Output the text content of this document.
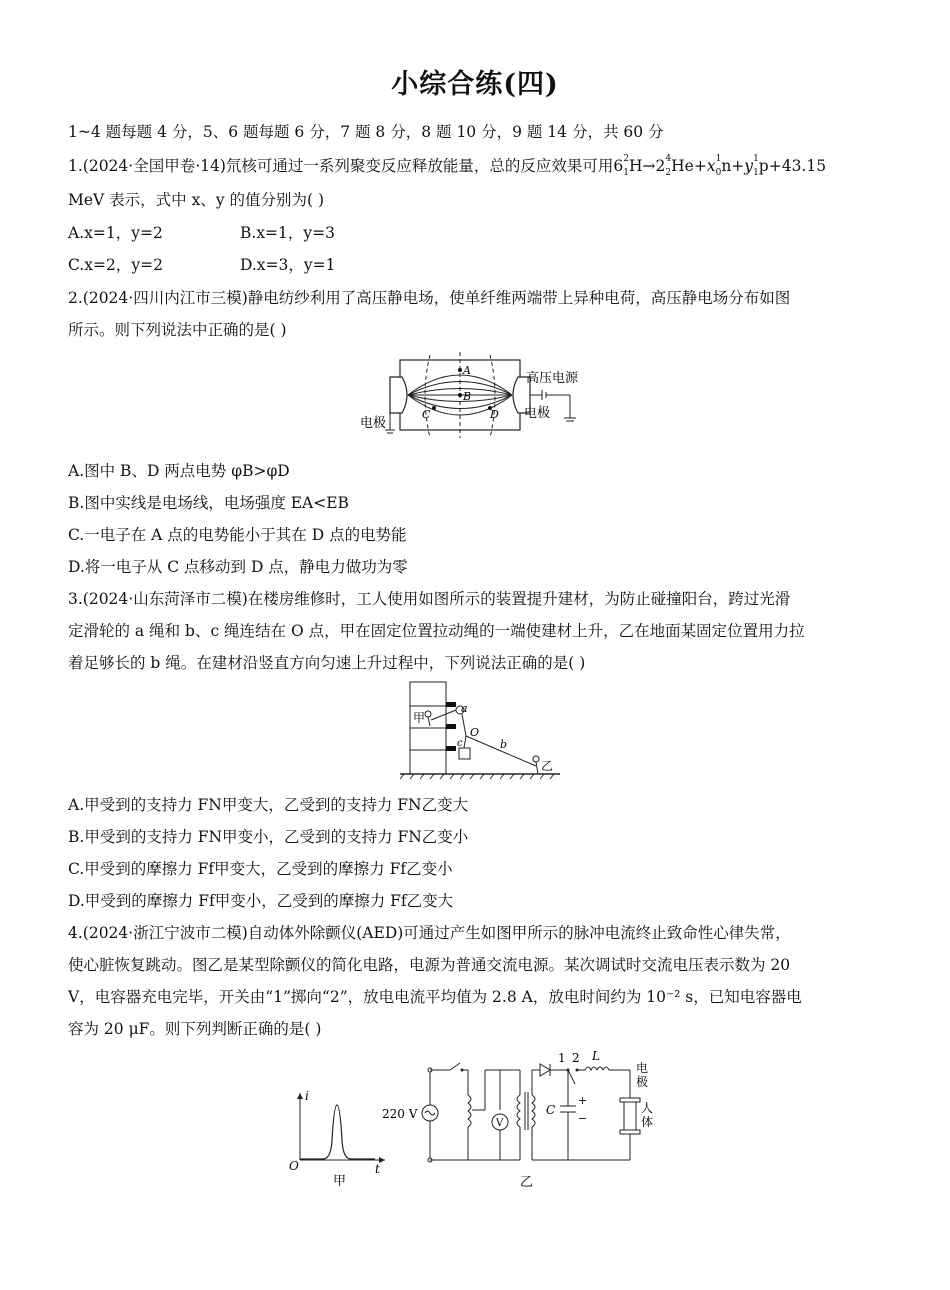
小综合练(四)
1~4 题每题 4 分，5、6 题每题 6 分，7 题 8 分，8 题 10 分，9 题 14 分，共 60 分
1.(2024·全国甲卷·14)氘核可通过一系列聚变反应释放能量，总的反应效果可用$6_1$
2 $H\to 2_2$
4 $He+x_0$
1 $n+y_1$
1 p+43.15
MeV 表示，式中 x、y 的值分别为( )
A.x=1，y=2	B.x=1，y=3
C.x=2，y=2	D.x=3，y=1
2.(2024·四川内江市三模)静电纺纱利用了高压静电场，使单纤维两端带上异种电荷，高压静电场分布如图
所示。则下列说法中正确的是( )
A
B
C	D
高压电源
电极
电极
A.图中 B、D 两点电势 φB>φD
B.图中实线是电场线，电场强度 EA<EB
C.一电子在 A 点的电势能小于其在 D 点的电势能
D.将一电子从 C 点移动到 D 点，静电力做功为零
3.(2024·山东菏泽市二模)在楼房维修时，工人使用如图所示的装置提升建材，为防止碰撞阳台，跨过光滑
定滑轮的 a 绳和 b、c 绳连结在 O 点，甲在固定位置拉动绳的一端使建材上升，乙在地面某固定位置用力拉
着足够长的 b 绳。在建材沿竖直方向匀速上升过程中，下列说法正确的是( )
甲
a
O
b
c
乙
A.甲受到的支持力 FN甲变大，乙受到的支持力 FN乙变大
B.甲受到的支持力 FN甲变小，乙受到的支持力 FN乙变小
C.甲受到的摩擦力 Ff甲变大，乙受到的摩擦力 Ff乙变小
D.甲受到的摩擦力 Ff甲变小，乙受到的摩擦力 Ff乙变大
4.(2024·浙江宁波市二模)自动体外除颤仪(AED)可通过产生如图甲所示的脉冲电流终止致命性心律失常，
使心脏恢复跳动。图乙是某型除颤仪的简化电路，电源为普通交流电源。某次调试时交流电压表示数为 20
V，电容器充电完毕，开关由“1”掷向“2”，放电电流平均值为 2.8 A，放电时间约为 10⁻² s，已知电容器电
容为 20 μF。则下列判断正确的是( )
i
t
O
甲
220 V
V
+
−
C
1 2 L
电
极
人
体
乙
